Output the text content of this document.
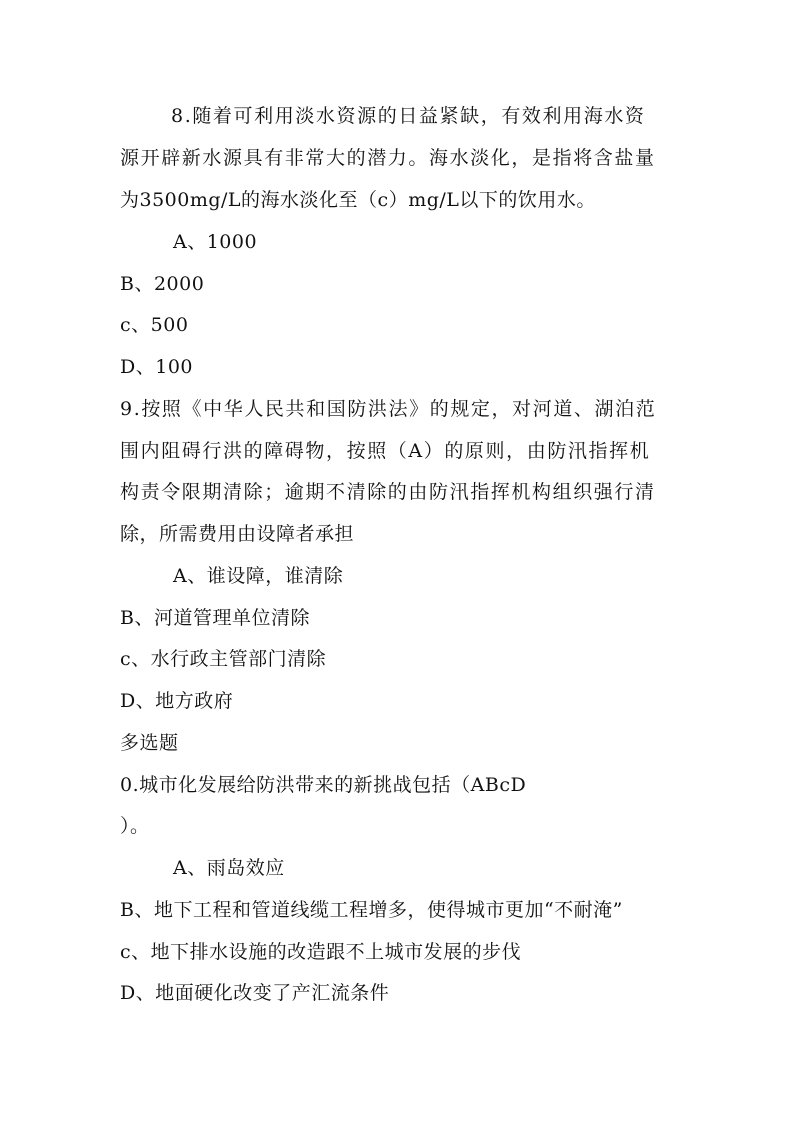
8.随着可利用淡水资源的日益紧缺，有效利用海水资
源开辟新水源具有非常大的潜力。海水淡化，是指将含盐量
为3500mg/L的海水淡化至（c）mg/L以下的饮用水。
A、1000
B、2000
c、500
D、100
9.按照《中华人民共和国防洪法》的规定，对河道、湖泊范
围内阻碍行洪的障碍物，按照（A）的原则，由防汛指挥机
构责令限期清除；逾期不清除的由防汛指挥机构组织强行清
除，所需费用由设障者承担
A、谁设障，谁清除
B、河道管理单位清除
c、水行政主管部门清除
D、地方政府
多选题
0.城市化发展给防洪带来的新挑战包括（ABcD
）。
A、雨岛效应
B、地下工程和管道线缆工程增多，使得城市更加“不耐淹”
c、地下排水设施的改造跟不上城市发展的步伐
D、地面硬化改变了产汇流条件
